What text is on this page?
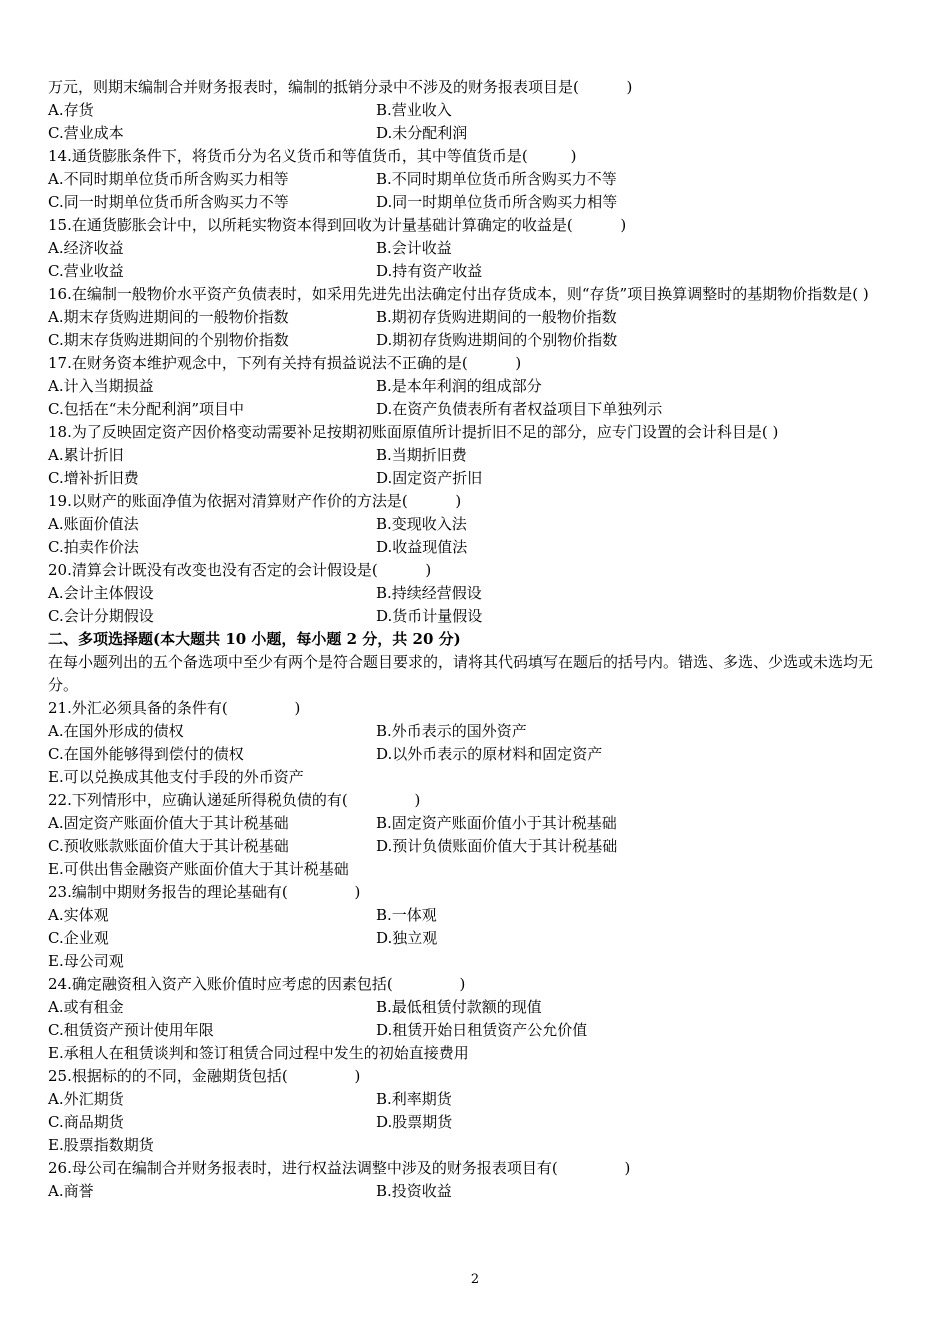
万元，则期末编制合并财务报表时，编制的抵销分录中不涉及的财务报表项目是(          )
A.存货	B.营业收入
C.营业成本	D.未分配利润
14.通货膨胀条件下，将货币分为名义货币和等值货币，其中等值货币是(         )
A.不同时期单位货币所含购买力相等	B.不同时期单位货币所含购买力不等
C.同一时期单位货币所含购买力不等	D.同一时期单位货币所含购买力相等
15.在通货膨胀会计中，以所耗实物资本得到回收为计量基础计算确定的收益是(          )
A.经济收益	B.会计收益
C.营业收益	D.持有资产收益
16.在编制一般物价水平资产负债表时，如采用先进先出法确定付出存货成本，则“存货”项目换算调整时的基期物价指数是( )
A.期末存货购进期间的一般物价指数	B.期初存货购进期间的一般物价指数
C.期末存货购进期间的个别物价指数	D.期初存货购进期间的个别物价指数
17.在财务资本维护观念中，下列有关持有损益说法不正确的是(          )
A.计入当期损益	B.是本年利润的组成部分
C.包括在“未分配利润”项目中	D.在资产负债表所有者权益项目下单独列示
18.为了反映固定资产因价格变动需要补足按期初账面原值所计提折旧不足的部分，应专门设置的会计科目是( )
A.累计折旧	B.当期折旧费
C.增补折旧费	D.固定资产折旧
19.以财产的账面净值为依据对清算财产作价的方法是(          )
A.账面价值法	B.变现收入法
C.拍卖作价法	D.收益现值法
20.清算会计既没有改变也没有否定的会计假设是(          )
A.会计主体假设	B.持续经营假设
C.会计分期假设	D.货币计量假设
二、多项选择题(本大题共 10 小题，每小题 2 分，共 20 分)
在每小题列出的五个备选项中至少有两个是符合题目要求的，请将其代码填写在题后的括号内。错选、多选、少选或未选均无分。
21.外汇必须具备的条件有(              )
A.在国外形成的债权	B.外币表示的国外资产
C.在国外能够得到偿付的债权	D.以外币表示的原材料和固定资产
E.可以兑换成其他支付手段的外币资产
22.下列情形中，应确认递延所得税负债的有(              )
A.固定资产账面价值大于其计税基础	B.固定资产账面价值小于其计税基础
C.预收账款账面价值大于其计税基础	D.预计负债账面价值大于其计税基础
E.可供出售金融资产账面价值大于其计税基础
23.编制中期财务报告的理论基础有(              )
A.实体观	B.一体观
C.企业观	D.独立观
E.母公司观
24.确定融资租入资产入账价值时应考虑的因素包括(              )
A.或有租金	B.最低租赁付款额的现值
C.租赁资产预计使用年限	D.租赁开始日租赁资产公允价值
E.承租人在租赁谈判和签订租赁合同过程中发生的初始直接费用
25.根据标的的不同，金融期货包括(              )
A.外汇期货	B.利率期货
C.商品期货	D.股票期货
E.股票指数期货
26.母公司在编制合并财务报表时，进行权益法调整中涉及的财务报表项目有(              )
A.商誉	B.投资收益
2
